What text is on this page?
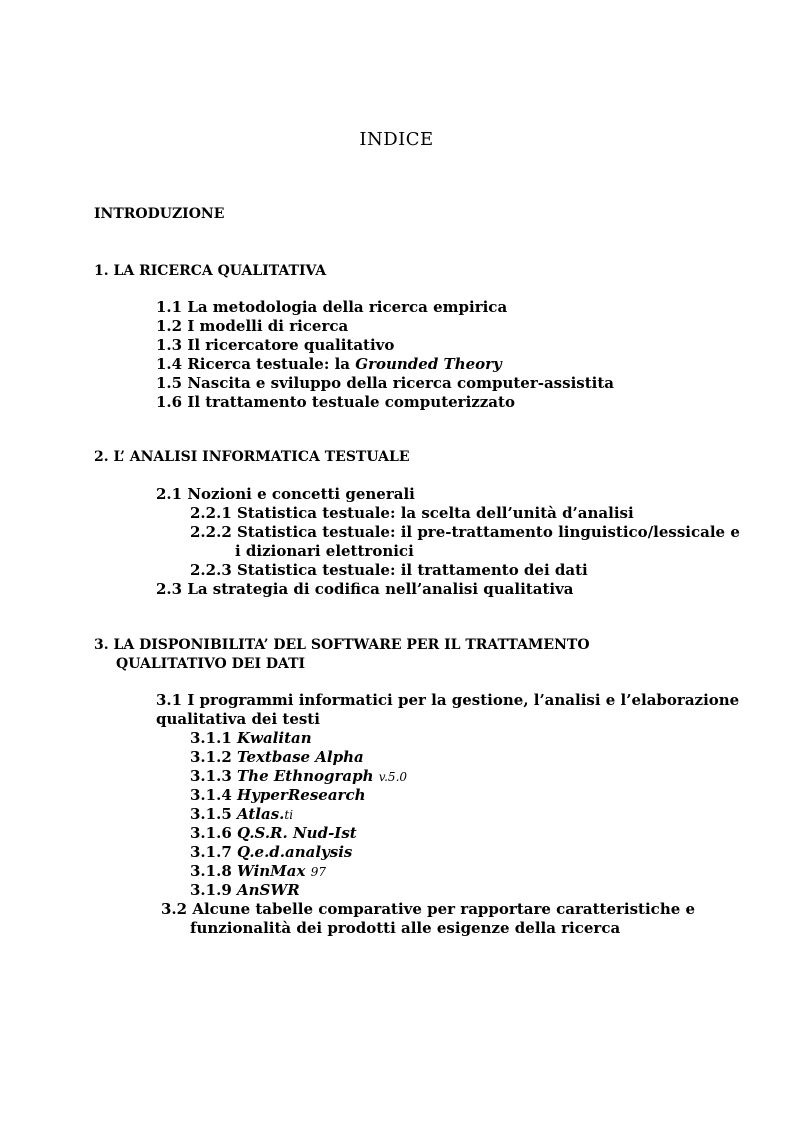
INDICE
INTRODUZIONE
1. LA RICERCA QUALITATIVA
1.1 La metodologia della ricerca empirica
1.2 I modelli di ricerca
1.3 Il ricercatore qualitativo
1.4 Ricerca testuale: la Grounded Theory
1.5 Nascita e sviluppo della ricerca computer-assistita
1.6 Il trattamento testuale computerizzato
2. L’ ANALISI INFORMATICA TESTUALE
2.1 Nozioni e concetti generali
2.2.1 Statistica testuale: la scelta dell’unità d’analisi
2.2.2 Statistica testuale: il pre-trattamento linguistico/lessicale e
i dizionari elettronici
2.2.3 Statistica testuale: il trattamento dei dati
2.3 La strategia di codifica nell’analisi qualitativa
3. LA DISPONIBILITA’ DEL SOFTWARE PER IL TRATTAMENTO
QUALITATIVO DEI DATI
3.1 I programmi informatici per la gestione, l’analisi e l’elaborazione
qualitativa dei testi
3.1.1 Kwalitan
3.1.2 Textbase Alpha
3.1.3 The Ethnograph v.5.0
3.1.4 HyperResearch
3.1.5 Atlas.ti
3.1.6 Q.S.R. Nud-Ist
3.1.7 Q.e.d.analysis
3.1.8 WinMax 97
3.1.9 AnSWR
3.2 Alcune tabelle comparative per rapportare caratteristiche e
funzionalità dei prodotti alle esigenze della ricerca
